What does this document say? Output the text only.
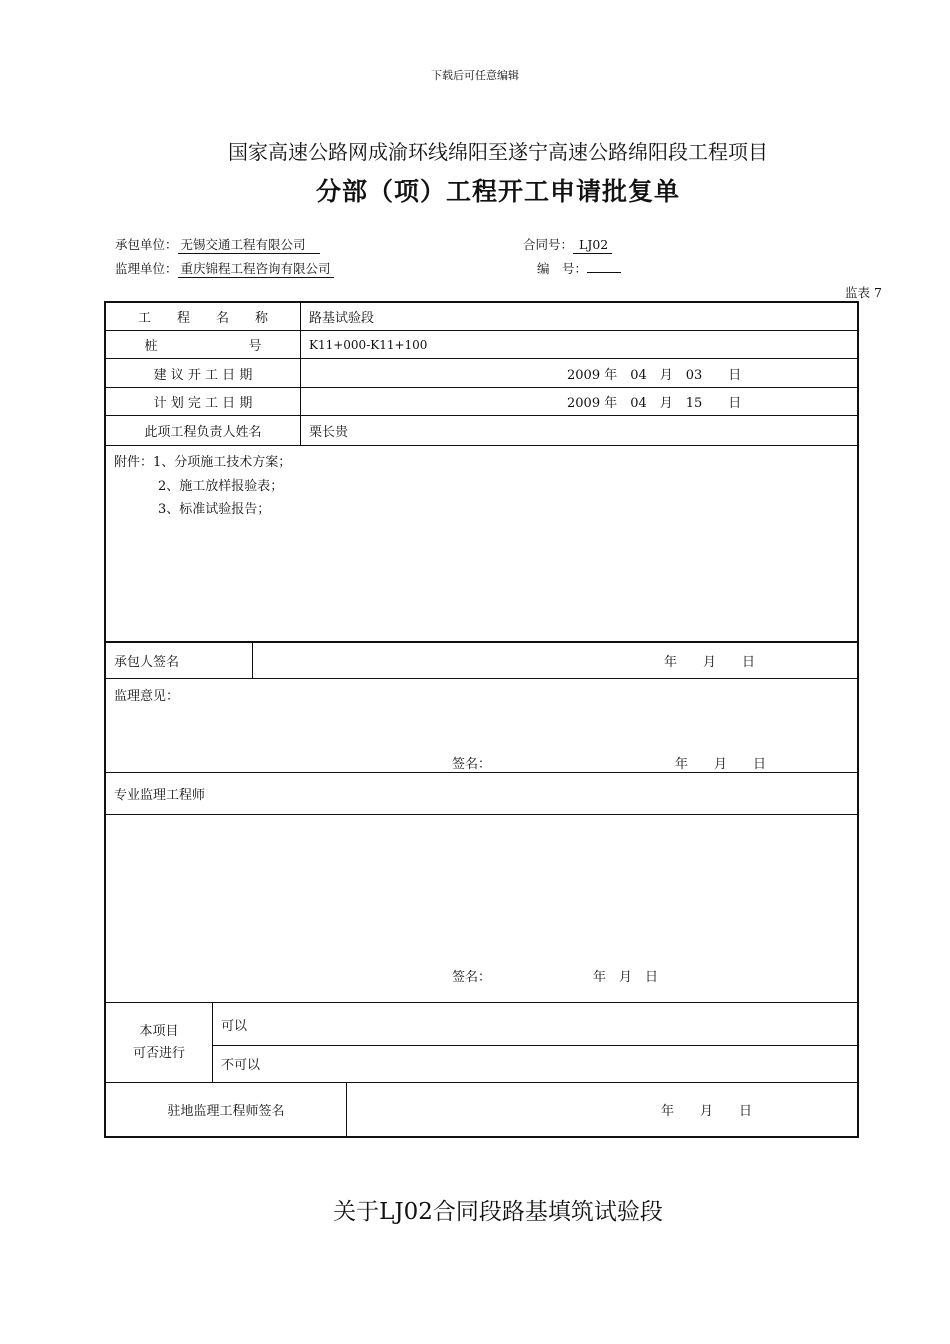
下载后可任意编辑
国家高速公路网成渝环线绵阳至遂宁高速公路绵阳段工程项目
分部（项）工程开工申请批复单
承包单位： 无锡交通工程有限公司
监理单位： 重庆锦程工程咨询有限公司
合同号： LJ02
编　号：
监表 7
工　　程　　名　　称	路基试验段
桩　　　　　　　号	K11+000-K11+100
建 议 开 工 日 期	2009 年　04　月　03　　日
计 划 完 工 日 期	2009 年　04　月　15　　日
此项工程负责人姓名	栗长贵
附件：1、分项施工技术方案；
2、施工放样报验表；
3、标准试验报告；
承包人签名	年　　月　　日
监理意见：
签名：	年　　月　　日
专业监理工程师
签名：	年　月　日
本项目
可否进行
可以
不可以
驻地监理工程师签名	年　　月　　日
关于LJ02合同段路基填筑试验段
